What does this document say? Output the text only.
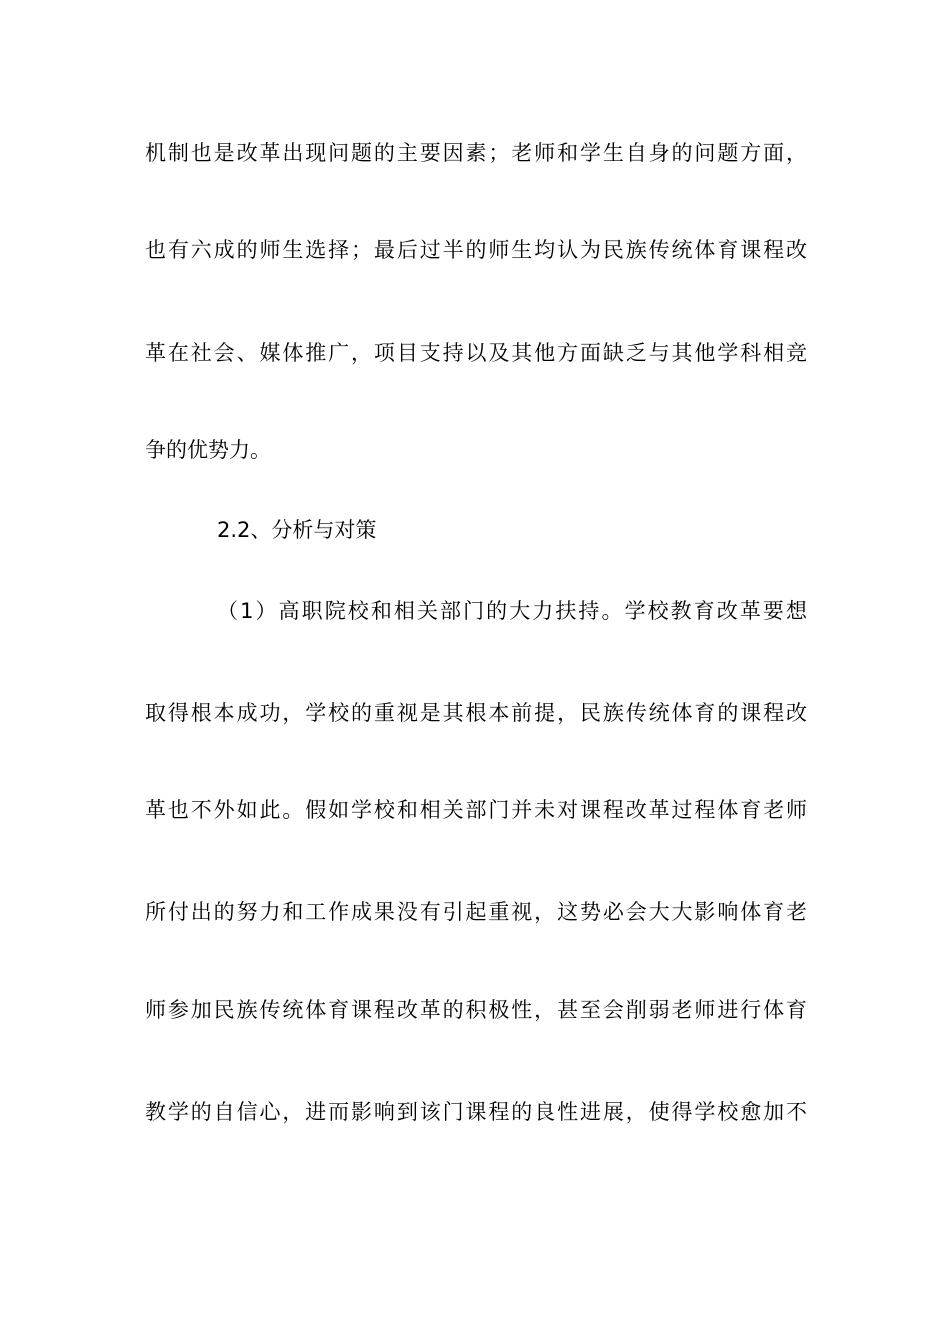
机制也是改革出现问题的主要因素；老师和学生自身的问题方面，
也有六成的师生选择；最后过半的师生均认为民族传统体育课程改
革在社会、媒体推广，项目支持以及其他方面缺乏与其他学科相竞
争的优势力。
2.2、分析与对策
（1）高职院校和相关部门的大力扶持。学校教育改革要想
取得根本成功，学校的重视是其根本前提，民族传统体育的课程改
革也不外如此。假如学校和相关部门并未对课程改革过程体育老师
所付出的努力和工作成果没有引起重视，这势必会大大影响体育老
师参加民族传统体育课程改革的积极性，甚至会削弱老师进行体育
教学的自信心，进而影响到该门课程的良性进展，使得学校愈加不
